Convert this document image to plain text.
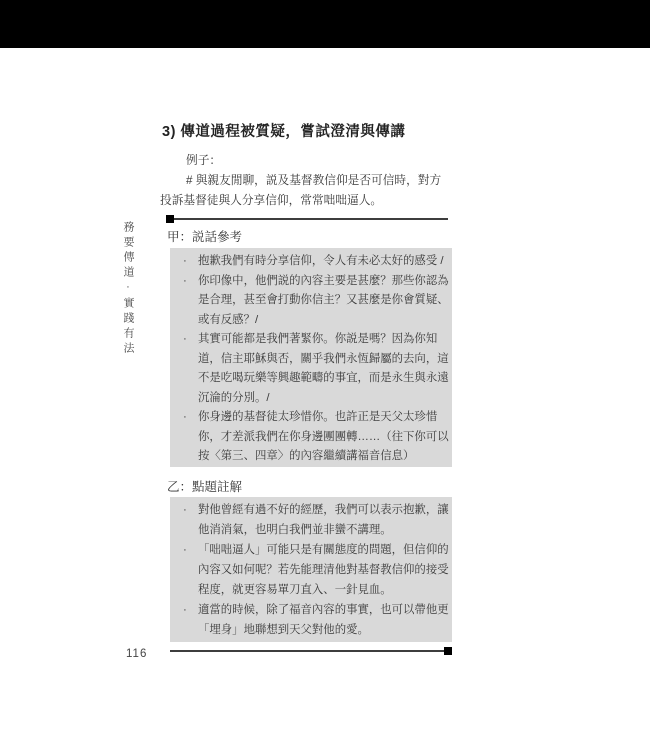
務要傳道·實踐有法
3) 傳道過程被質疑，嘗試澄清與傳講
例子：
# 與親友閒聊，説及基督教信仰是否可信時，對方投訴基督徒與人分享信仰，常常咄咄逼人。
甲：説話參考
· 抱歉我們有時分享信仰，令人有未必太好的感受 /
· 你印像中，他們説的內容主要是甚麼？那些你認為是合理，甚至會打動你信主？又甚麼是你會質疑、或有反感？/
· 其實可能都是我們著緊你。你説是嗎？因為你知道，信主耶穌與否，關乎我們永恆歸屬的去向，這不是吃喝玩樂等興趣範疇的事宜，而是永生與永遠沉淪的分別。/
· 你身邊的基督徒太珍惜你。也許正是天父太珍惜你，才差派我們在你身邊團團轉……（往下你可以按〈第三、四章〉的內容繼續講福音信息）
乙：點題註解
· 對他曾經有過不好的經歷，我們可以表示抱歉，讓他消消氣，也明白我們並非蠻不講理。
· 「咄咄逼人」可能只是有關態度的問題，但信仰的內容又如何呢？若先能理清他對基督教信仰的接受程度，就更容易單刀直入、一針見血。
· 適當的時候，除了福音內容的事實，也可以帶他更「埋身」地聯想到天父對他的愛。
116
